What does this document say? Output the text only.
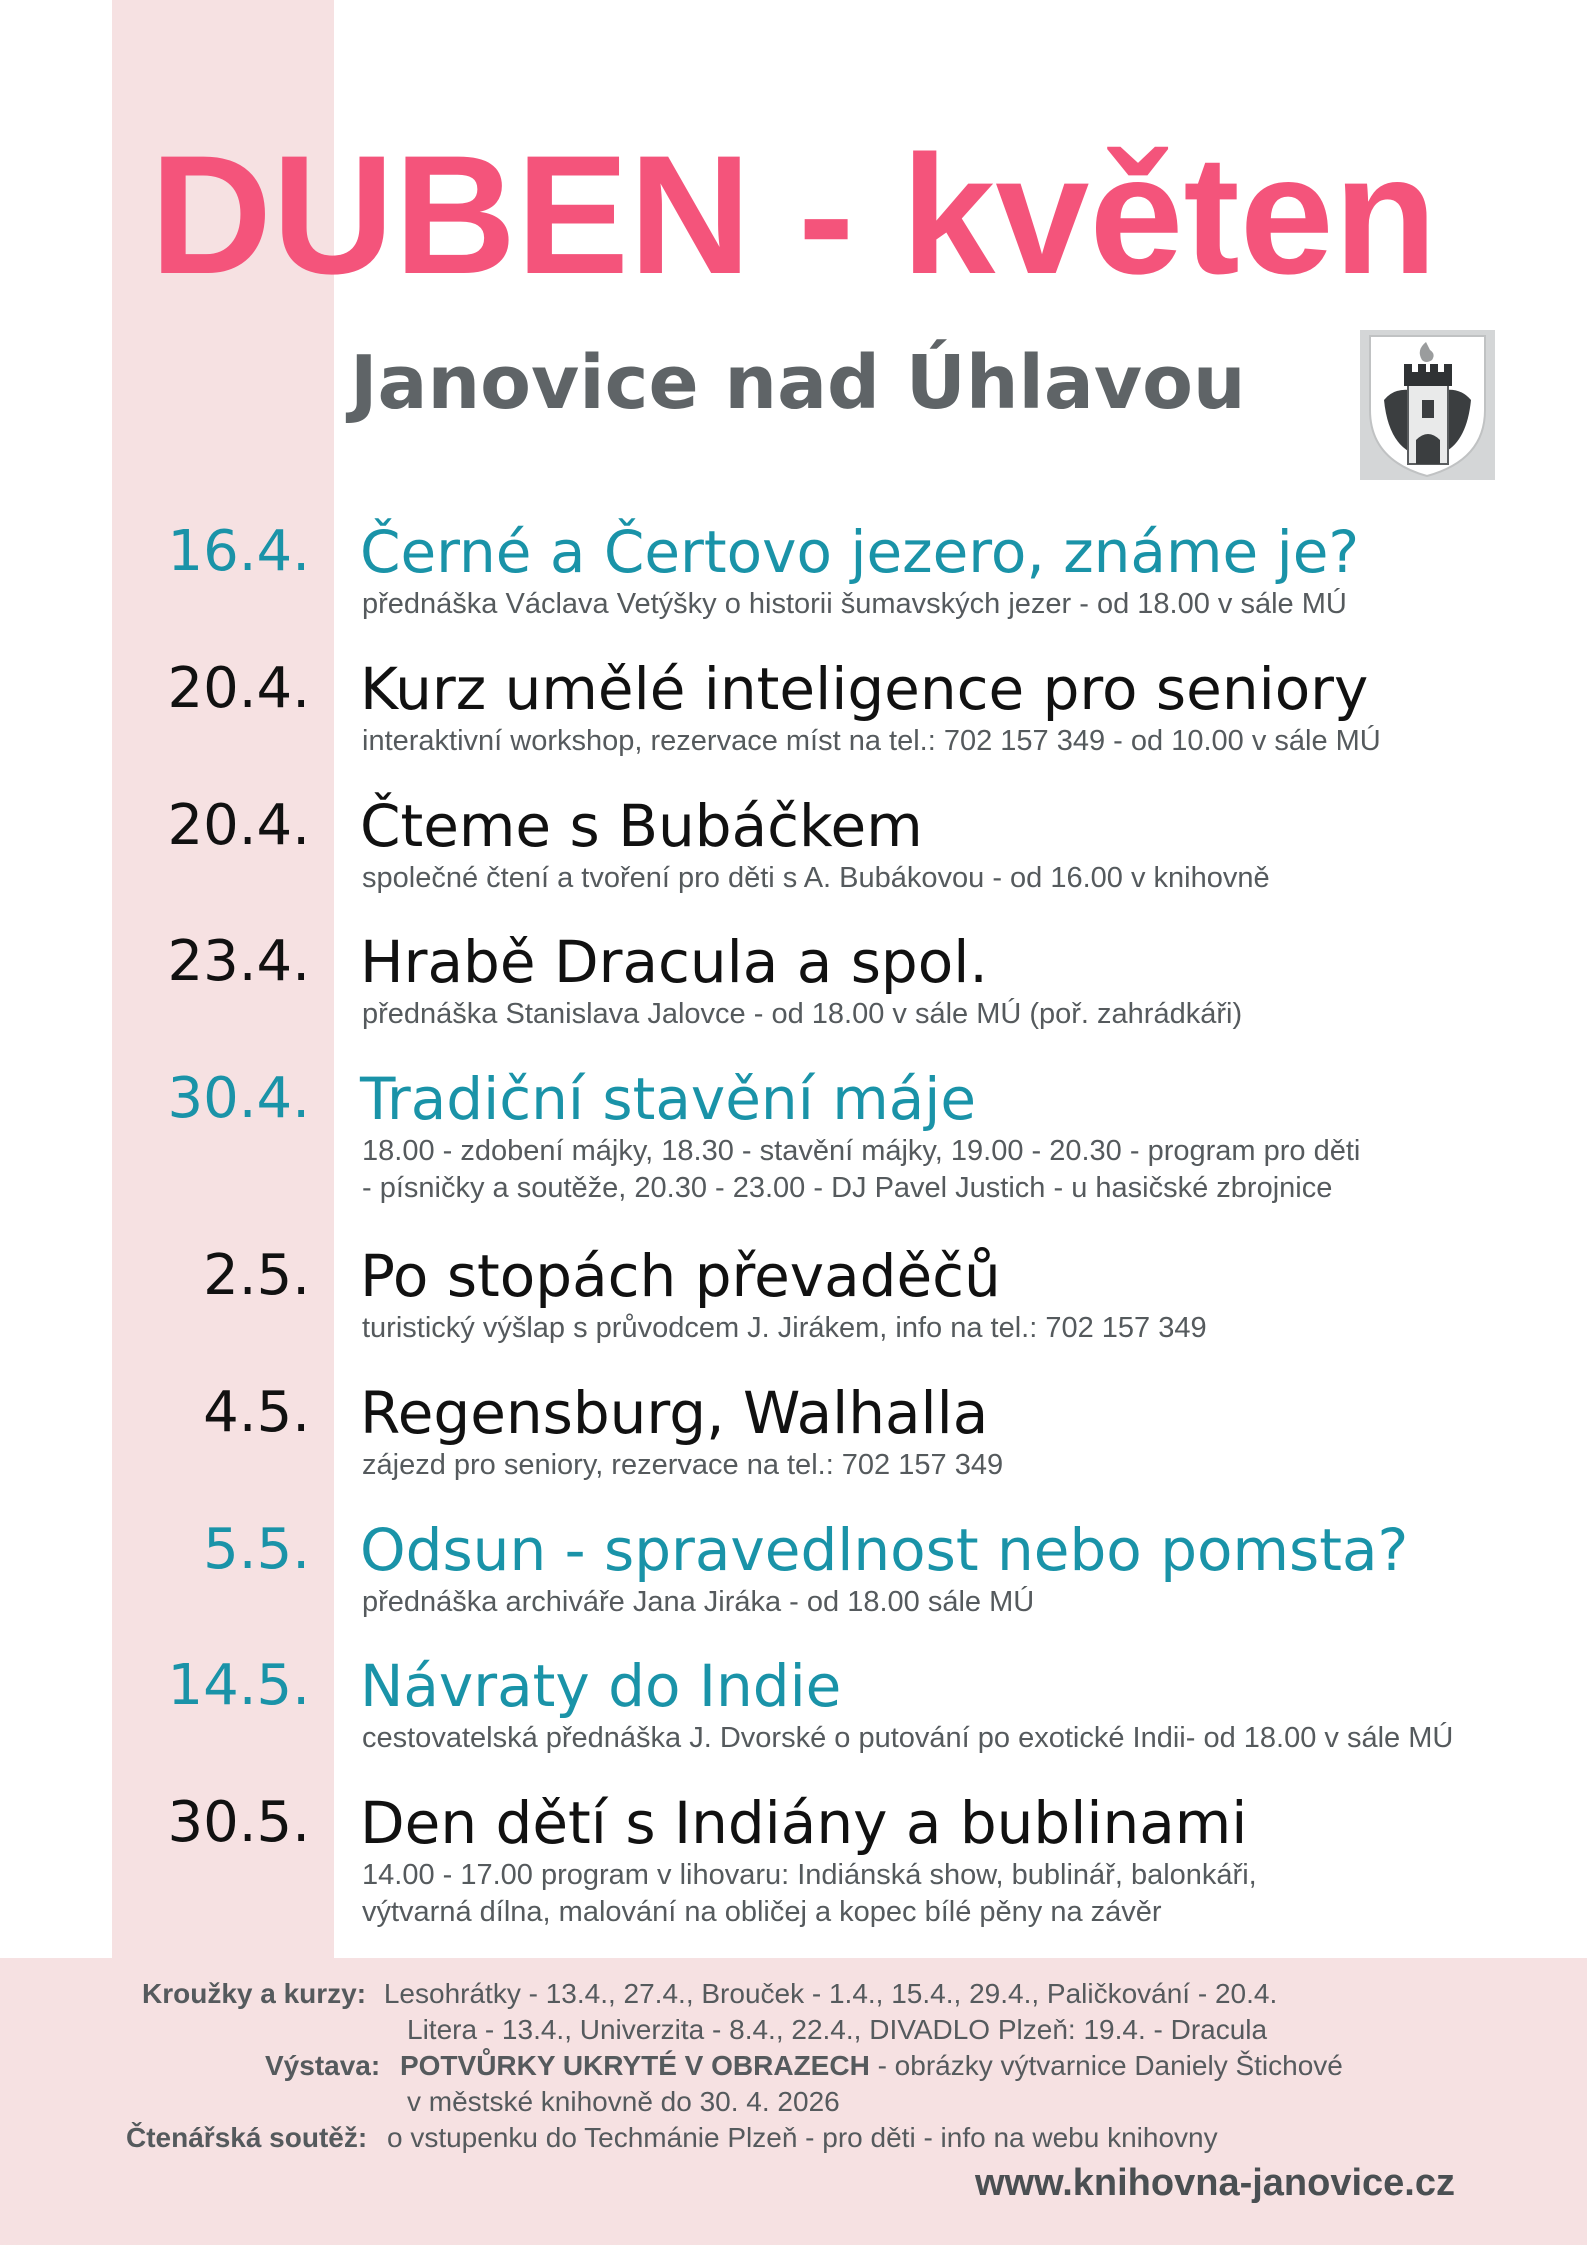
DUBEN - květen
Janovice nad Úhlavou
16.4. Černé a Čertovo jezero, známe je?
přednáška Václava Vetýšky o historii šumavských jezer - od 18.00 v sále MÚ
20.4. Kurz umělé inteligence pro seniory
interaktivní workshop, rezervace míst na tel.: 702 157 349 - od 10.00 v sále MÚ
20.4. Čteme s Bubáčkem
společné čtení a tvoření pro děti s A. Bubákovou - od 16.00 v knihovně
23.4. Hrabě Dracula a spol.
přednáška Stanislava Jalovce - od 18.00 v sále MÚ (poř. zahrádkáři)
30.4. Tradiční stavění máje
18.00 - zdobení májky, 18.30 - stavění májky, 19.00 - 20.30 - program pro děti
- písničky a soutěže, 20.30 - 23.00 - DJ Pavel Justich - u hasičské zbrojnice
2.5. Po stopách převaděčů
turistický výšlap s průvodcem J. Jirákem, info na tel.: 702 157 349
4.5. Regensburg, Walhalla
zájezd pro seniory, rezervace na tel.: 702 157 349
5.5. Odsun - spravedlnost nebo pomsta?
přednáška archiváře Jana Jiráka - od 18.00 sále MÚ
14.5. Návraty do Indie
cestovatelská přednáška J. Dvorské o putování po exotické Indii- od 18.00 v sále MÚ
30.5. Den dětí s Indiány a bublinami
14.00 - 17.00 program v lihovaru: Indiánská show, bublinář, balonkáři,
výtvarná dílna, malování na obličej a kopec bílé pěny na závěr
Kroužky a kurzy: Lesohrátky - 13.4., 27.4., Brouček - 1.4., 15.4., 29.4., Paličkování - 20.4.
Litera - 13.4., Univerzita - 8.4., 22.4., DIVADLO Plzeň: 19.4. - Dracula
Výstava: POTVŮRKY UKRYTÉ V OBRAZECH - obrázky výtvarnice Daniely Štichové
v městské knihovně do 30. 4. 2026
Čtenářská soutěž: o vstupenku do Techmánie Plzeň - pro děti - info na webu knihovny
www.knihovna-janovice.cz
